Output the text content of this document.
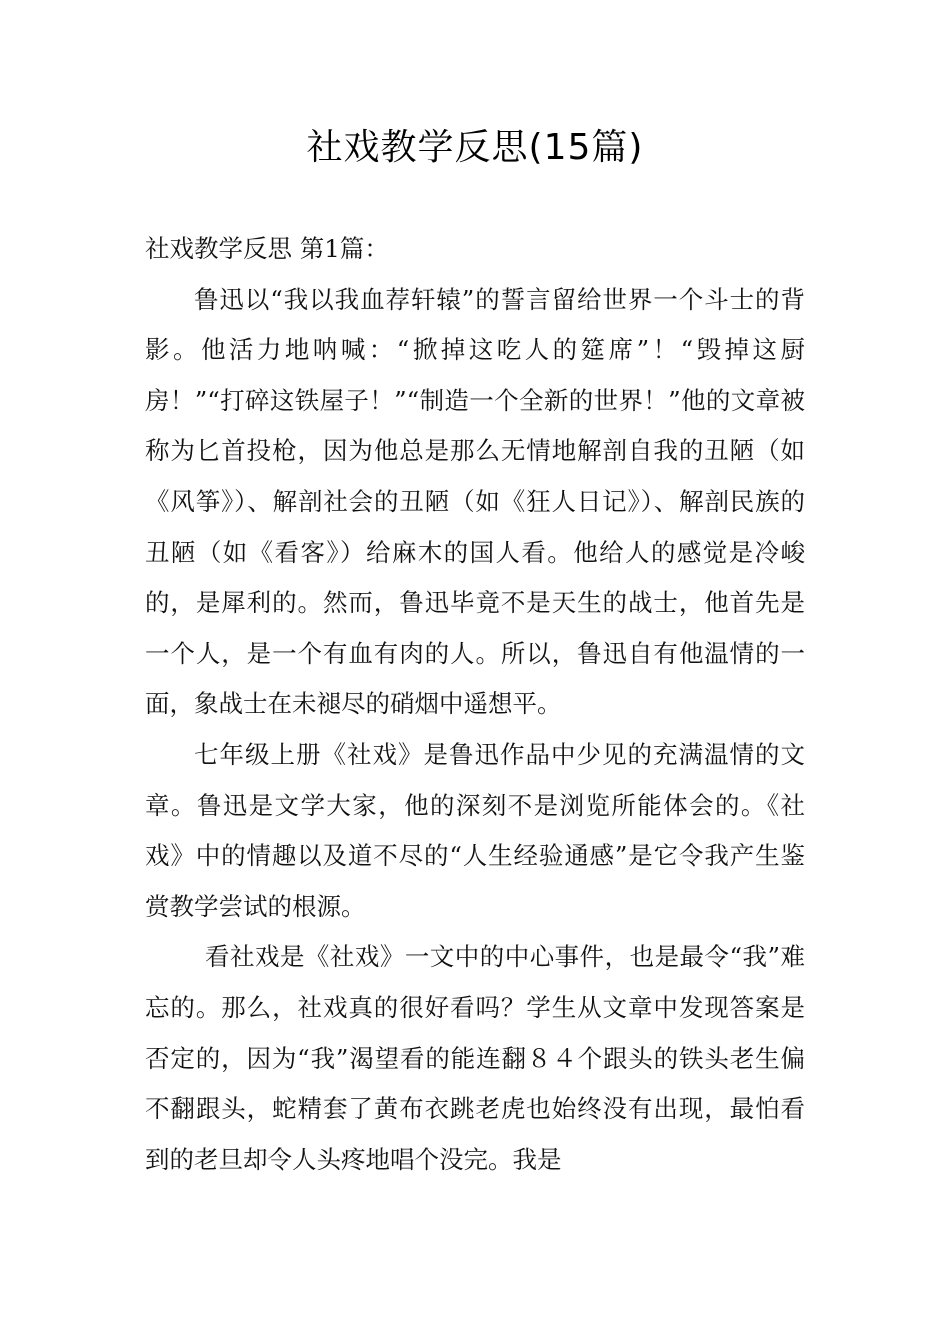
社戏教学反思(15篇)

社戏教学反思 第1篇：

鲁迅以“我以我血荐轩辕”的誓言留给世界一个斗士的背影。他活力地呐喊：“掀掉这吃人的筵席”！“毁掉这厨房！”“打碎这铁屋子！”“制造一个全新的世界！”他的文章被称为匕首投枪，因为他总是那么无情地解剖自我的丑陋（如《风筝》）、解剖社会的丑陋（如《狂人日记》）、解剖民族的丑陋（如《看客》）给麻木的国人看。他给人的感觉是冷峻的，是犀利的。然而，鲁迅毕竟不是天生的战士，他首先是一个人，是一个有血有肉的人。所以，鲁迅自有他温情的一面，象战士在未褪尽的硝烟中遥想平。

七年级上册《社戏》是鲁迅作品中少见的充满温情的文章。鲁迅是文学大家，他的深刻不是浏览所能体会的。《社戏》中的情趣以及道不尽的“人生经验通感”是它令我产生鉴赏教学尝试的根源。

看社戏是《社戏》一文中的中心事件，也是最令“我”难忘的。那么，社戏真的很好看吗？学生从文章中发现答案是否定的，因为“我”渴望看的能连翻８４个跟头的铁头老生偏不翻跟头，蛇精套了黄布衣跳老虎也始终没有出现，最怕看到的老旦却令人头疼地唱个没完。我是
